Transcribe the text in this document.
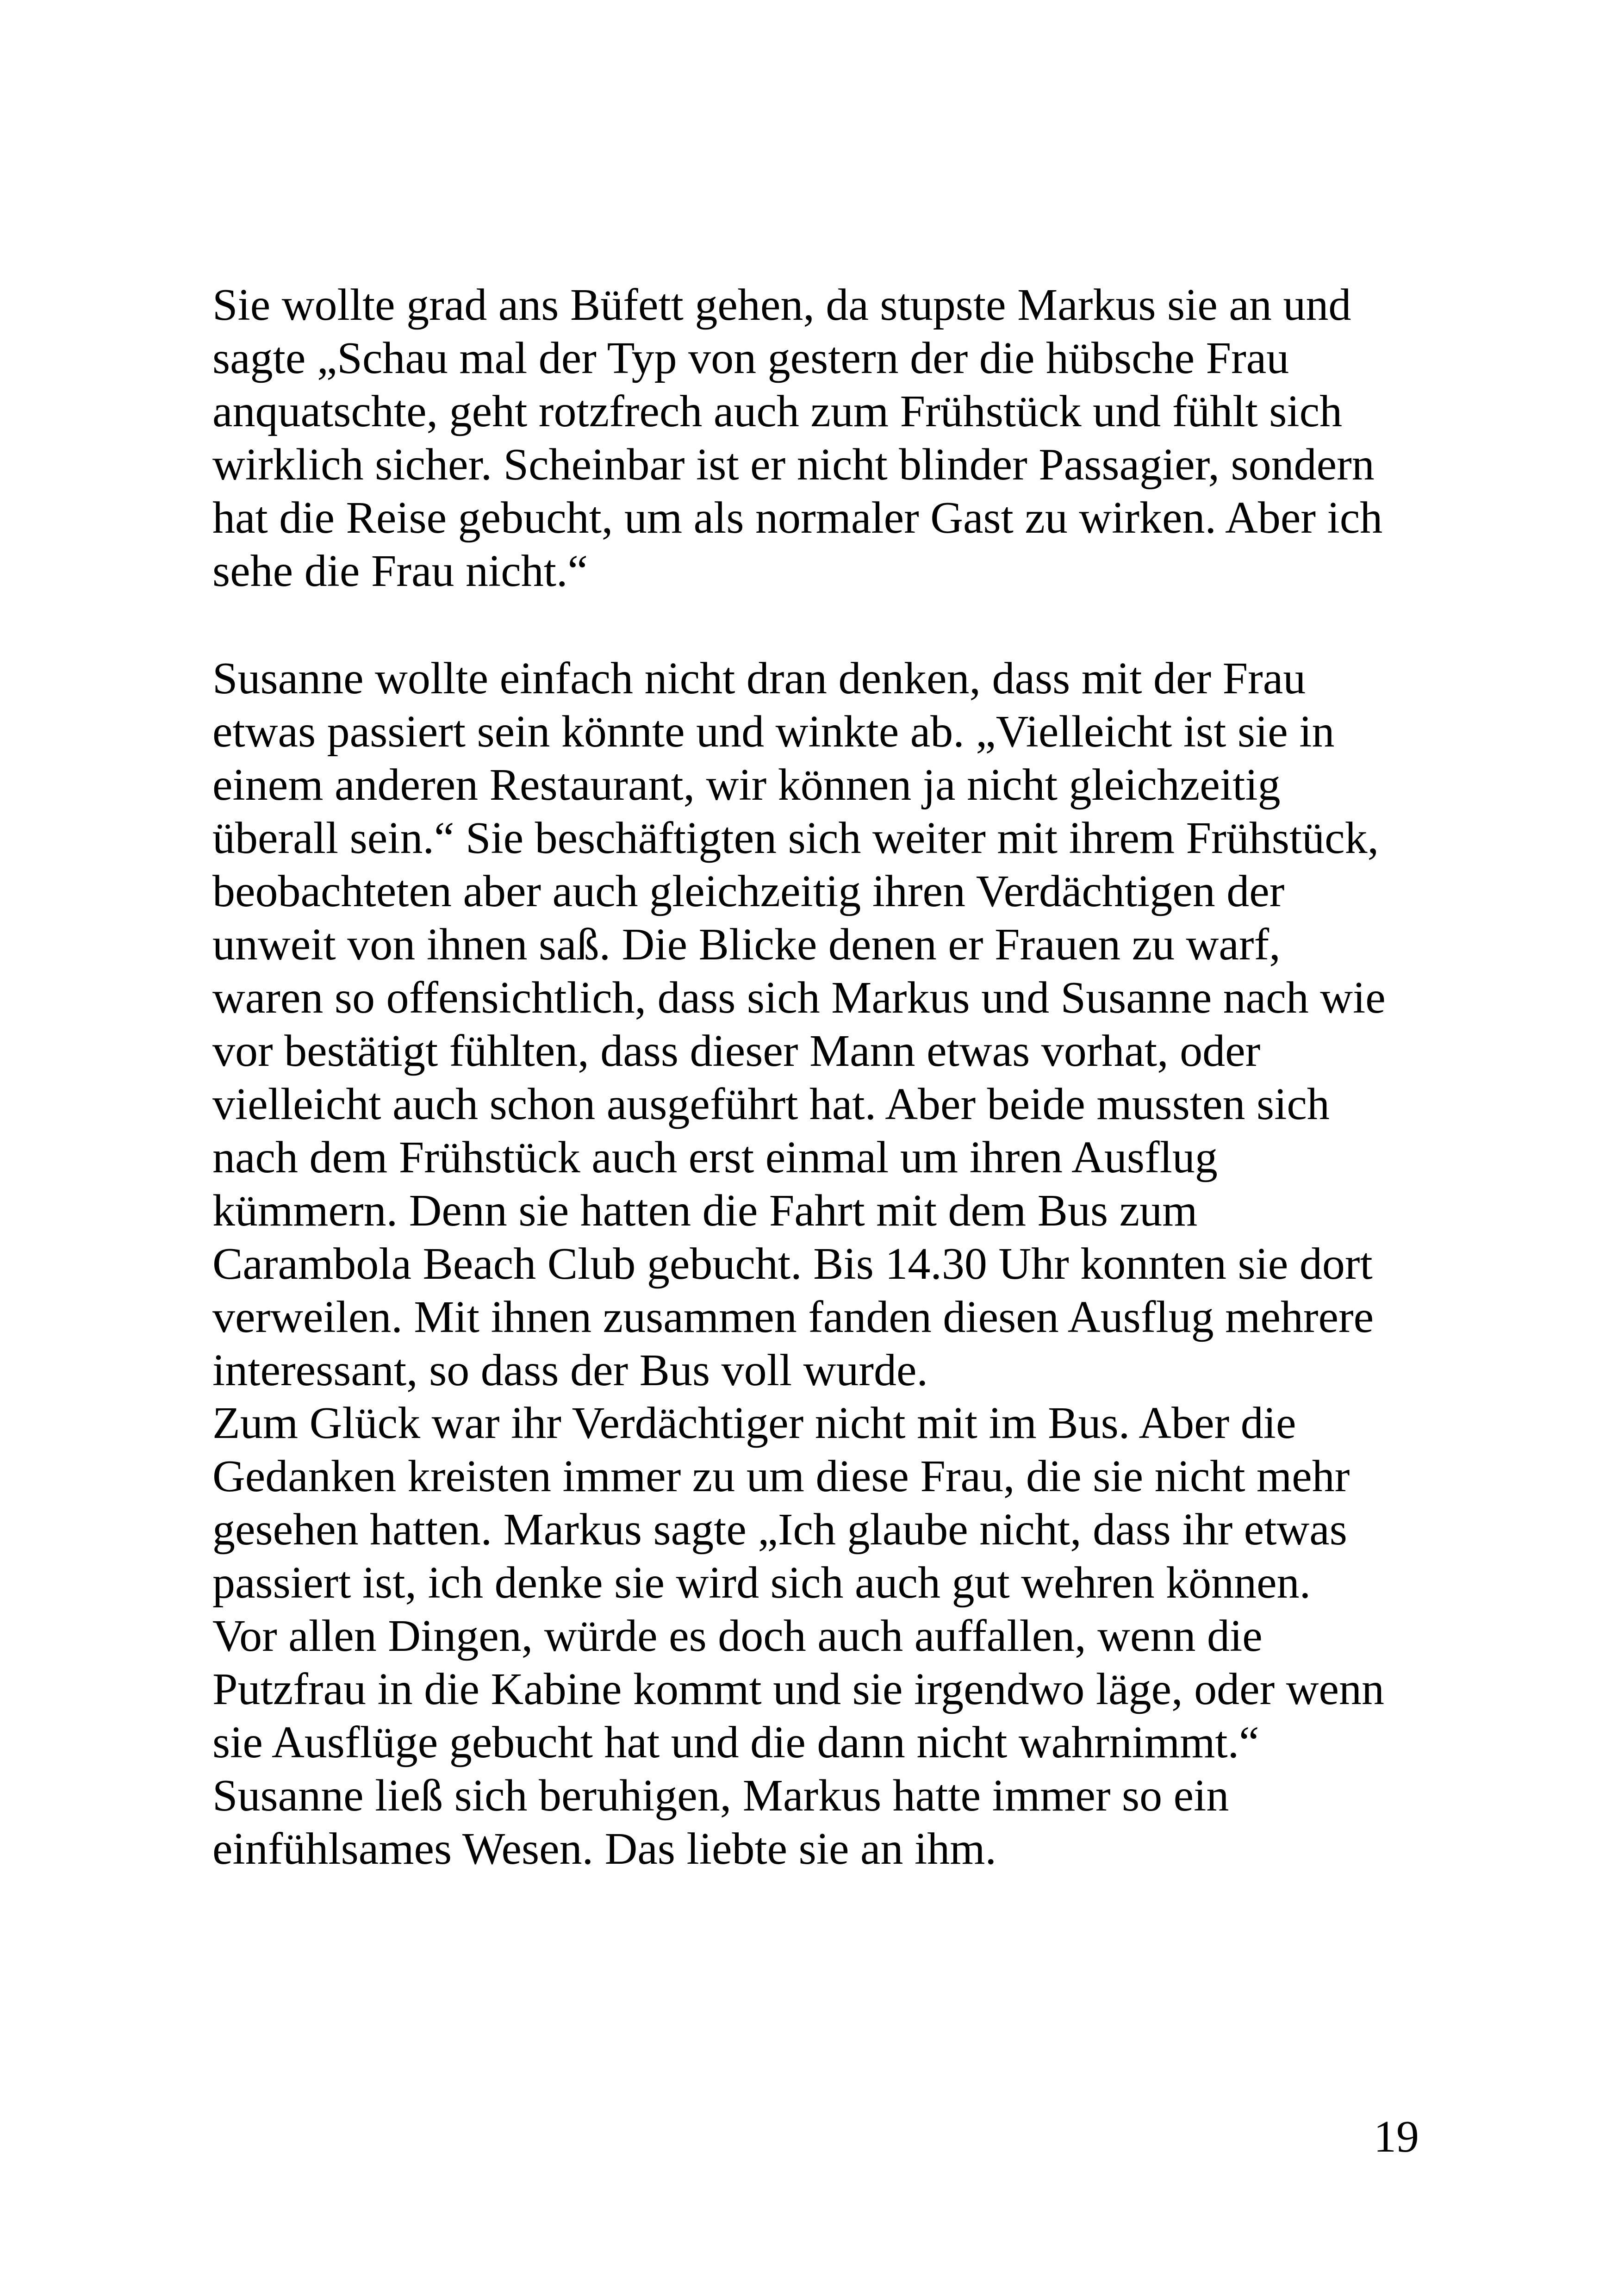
Sie wollte grad ans Büfett gehen, da stupste Markus sie an und
sagte „Schau mal der Typ von gestern der die hübsche Frau
anquatschte, geht rotzfrech auch zum Frühstück und fühlt sich
wirklich sicher. Scheinbar ist er nicht blinder Passagier, sondern
hat die Reise gebucht, um als normaler Gast zu wirken. Aber ich
sehe die Frau nicht.“
Susanne wollte einfach nicht dran denken, dass mit der Frau
etwas passiert sein könnte und winkte ab. „Vielleicht ist sie in
einem anderen Restaurant, wir können ja nicht gleichzeitig
überall sein.“ Sie beschäftigten sich weiter mit ihrem Frühstück,
beobachteten aber auch gleichzeitig ihren Verdächtigen der
unweit von ihnen saß. Die Blicke denen er Frauen zu warf,
waren so offensichtlich, dass sich Markus und Susanne nach wie
vor bestätigt fühlten, dass dieser Mann etwas vorhat, oder
vielleicht auch schon ausgeführt hat. Aber beide mussten sich
nach dem Frühstück auch erst einmal um ihren Ausflug
kümmern. Denn sie hatten die Fahrt mit dem Bus zum
Carambola Beach Club gebucht. Bis 14.30 Uhr konnten sie dort
verweilen. Mit ihnen zusammen fanden diesen Ausflug mehrere
interessant, so dass der Bus voll wurde.
Zum Glück war ihr Verdächtiger nicht mit im Bus. Aber die
Gedanken kreisten immer zu um diese Frau, die sie nicht mehr
gesehen hatten. Markus sagte „Ich glaube nicht, dass ihr etwas
passiert ist, ich denke sie wird sich auch gut wehren können.
Vor allen Dingen, würde es doch auch auffallen, wenn die
Putzfrau in die Kabine kommt und sie irgendwo läge, oder wenn
sie Ausflüge gebucht hat und die dann nicht wahrnimmt.“
Susanne ließ sich beruhigen, Markus hatte immer so ein
einfühlsames Wesen. Das liebte sie an ihm.
19
